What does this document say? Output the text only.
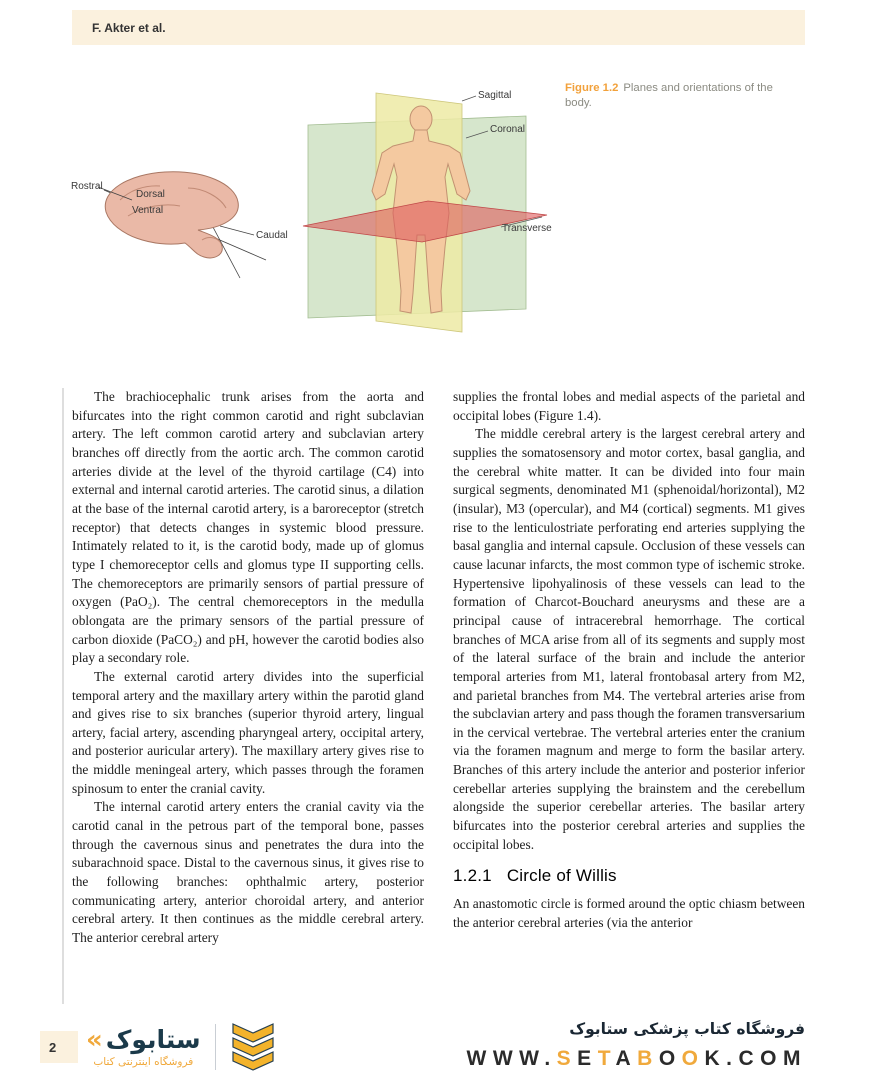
F. Akter et al.
Rostral
Dorsal
Ventral
Caudal
Sagittal
Coronal
Transverse

Figure 1.2 Planes and orientations of the body.

The brachiocephalic trunk arises from the aorta and bifurcates into the right common carotid and right subclavian artery. The left common carotid artery and subclavian artery branches off directly from the aortic arch. The common carotid arteries divide at the level of the thyroid cartilage (C4) into external and internal carotid arteries. The carotid sinus, a dilation at the base of the internal carotid artery, is a baroreceptor (stretch receptor) that detects changes in systemic blood pressure. Intimately related to it, is the carotid body, made up of glomus type I chemoreceptor cells and glomus type II supporting cells. The chemoreceptors are primarily sensors of partial pressure of oxygen (PaO₂). The central chemoreceptors in the medulla oblongata are the primary sensors of the partial pressure of carbon dioxide (PaCO₂) and pH, however the carotid bodies also play a secondary role.

The external carotid artery divides into the superficial temporal artery and the maxillary artery within the parotid gland and gives rise to six branches (superior thyroid artery, lingual artery, facial artery, ascending pharyngeal artery, occipital artery, and posterior auricular artery). The maxillary artery gives rise to the middle meningeal artery, which passes through the foramen spinosum to enter the cranial cavity.

The internal carotid artery enters the cranial cavity via the carotid canal in the petrous part of the temporal bone, passes through the cavernous sinus and penetrates the dura into the subarachnoid space. Distal to the cavernous sinus, it gives rise to the following branches: ophthalmic artery, posterior communicating artery, anterior choroidal artery, and anterior cerebral artery. It then continues as the middle cerebral artery. The anterior cerebral artery

supplies the frontal lobes and medial aspects of the parietal and occipital lobes (Figure 1.4).

The middle cerebral artery is the largest cerebral artery and supplies the somatosensory and motor cortex, basal ganglia, and the cerebral white matter. It can be divided into four main surgical segments, denominated M1 (sphenoidal/horizontal), M2 (insular), M3 (opercular), and M4 (cortical) segments. M1 gives rise to the lenticulostriate perforating end arteries supplying the basal ganglia and internal capsule. Occlusion of these vessels can cause lacunar infarcts, the most common type of ischemic stroke. Hypertensive lipohyalinosis of these vessels can lead to the formation of Charcot-Bouchard aneurysms and these are a principal cause of intracerebral hemorrhage. The cortical branches of MCA arise from all of its segments and supply most of the lateral surface of the brain and include the anterior temporal arteries from M1, lateral frontobasal artery from M2, and parietal branches from M4. The vertebral arteries arise from the subclavian artery and pass though the foramen transversarium in the cervical vertebrae. The vertebral arteries enter the cranium via the foramen magnum and merge to form the basilar artery. Branches of this artery include the anterior and posterior inferior cerebellar arteries supplying the brainstem and the cerebellum alongside the superior cerebellar arteries. The basilar artery bifurcates into the posterior cerebral arteries and supplies the occipital lobes.

1.2.1 Circle of Willis

An anastomotic circle is formed around the optic chiasm between the anterior cerebral arteries (via the anterior

2 « ستابوک
فروشگاه اینترنتی کتاب
فروشگاه کتاب پزشکی ستابوک
WWW.SETABOOK.COM
